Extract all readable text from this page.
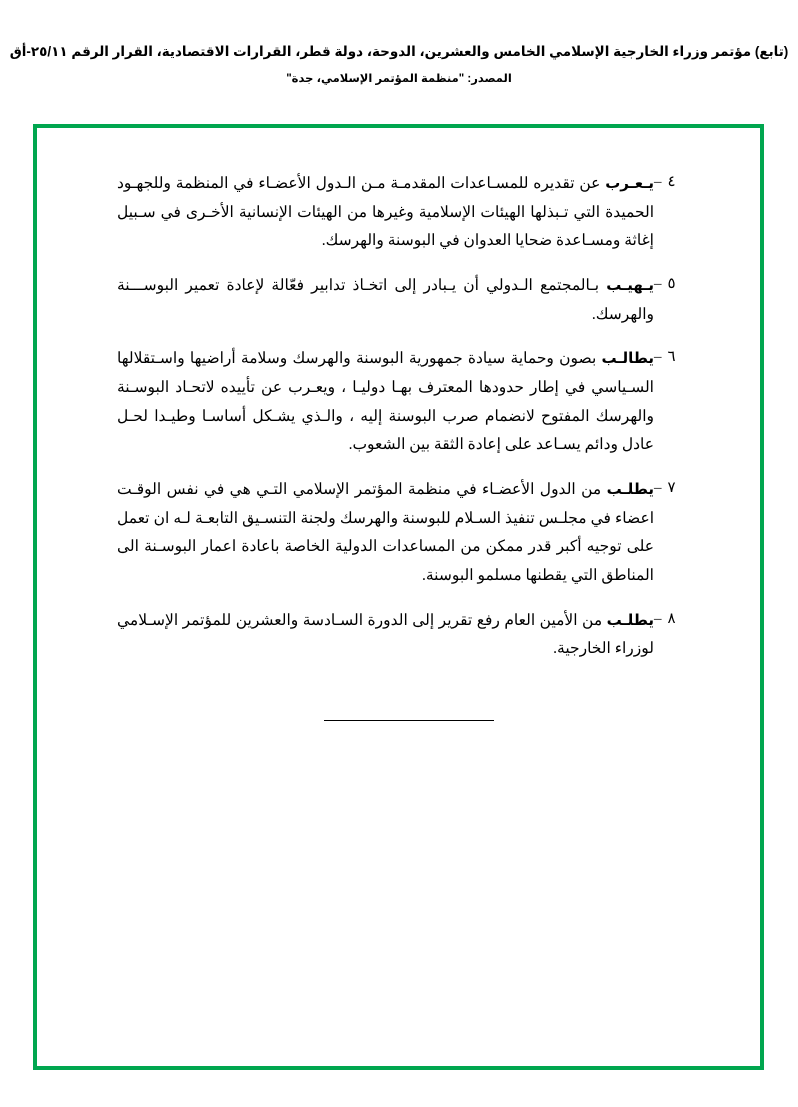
(تابع) مؤتمر وزراء الخارجية الإسلامي الخامس والعشرين، الدوحة، دولة قطر، القرارات الاقتصادية، القرار الرقم ٢٥/١١-أق
المصدر: "منظمة المؤتمر الإسلامي، جدة"
٤–
يـعـرب عن تقديره للمسـاعدات المقدمـة مـن الـدول الأعضـاء في المنظمة وللجهـود الحميدة التي تـبذلها الهيئات الإسلامية وغيرها من الهيئات الإنسانية الأخـرى في سـبيل إغاثة ومسـاعدة ضحايا العدوان في البوسنة والهرسك.
٥–
يـهيـب بـالمجتمع الـدولي أن يـبادر إلى اتخـاذ تدابير فعّالة لإعادة تعمير البوســـنة والهرسك.
٦–
يطالـب بصون وحماية سيادة جمهورية البوسنة والهرسك وسلامة أراضيها واسـتقلالها السـياسي في إطار حدودها المعترف بهـا دوليـا ، ويعـرب عن تأييده لاتحـاد البوسـنة والهرسك المفتوح لانضمام صرب البوسنة إليه ، والـذي يشـكل أساسـا وطيـدا لحـل عادل ودائم يسـاعد على إعادة الثقة بين الشعوب.
٧–
يطلـب من الدول الأعضـاء في منظمة المؤتمر الإسلامي التـي هي في نفس الوقـت اعضاء في مجلـس تنفيذ السـلام للبوسنة والهرسك ولجنة التنسـيق التابعـة لـه ان تعمل على توجيه أكبر قدر ممكن من المساعدات الدولية الخاصة باعادة اعمار البوسـنة الى المناطق التي يقطنها مسلمو البوسنة.
٨–
يطلـب من الأمين العام رفع تقرير إلى الدورة السـادسة والعشرين للمؤتمر الإسـلامي لوزراء الخارجية.
